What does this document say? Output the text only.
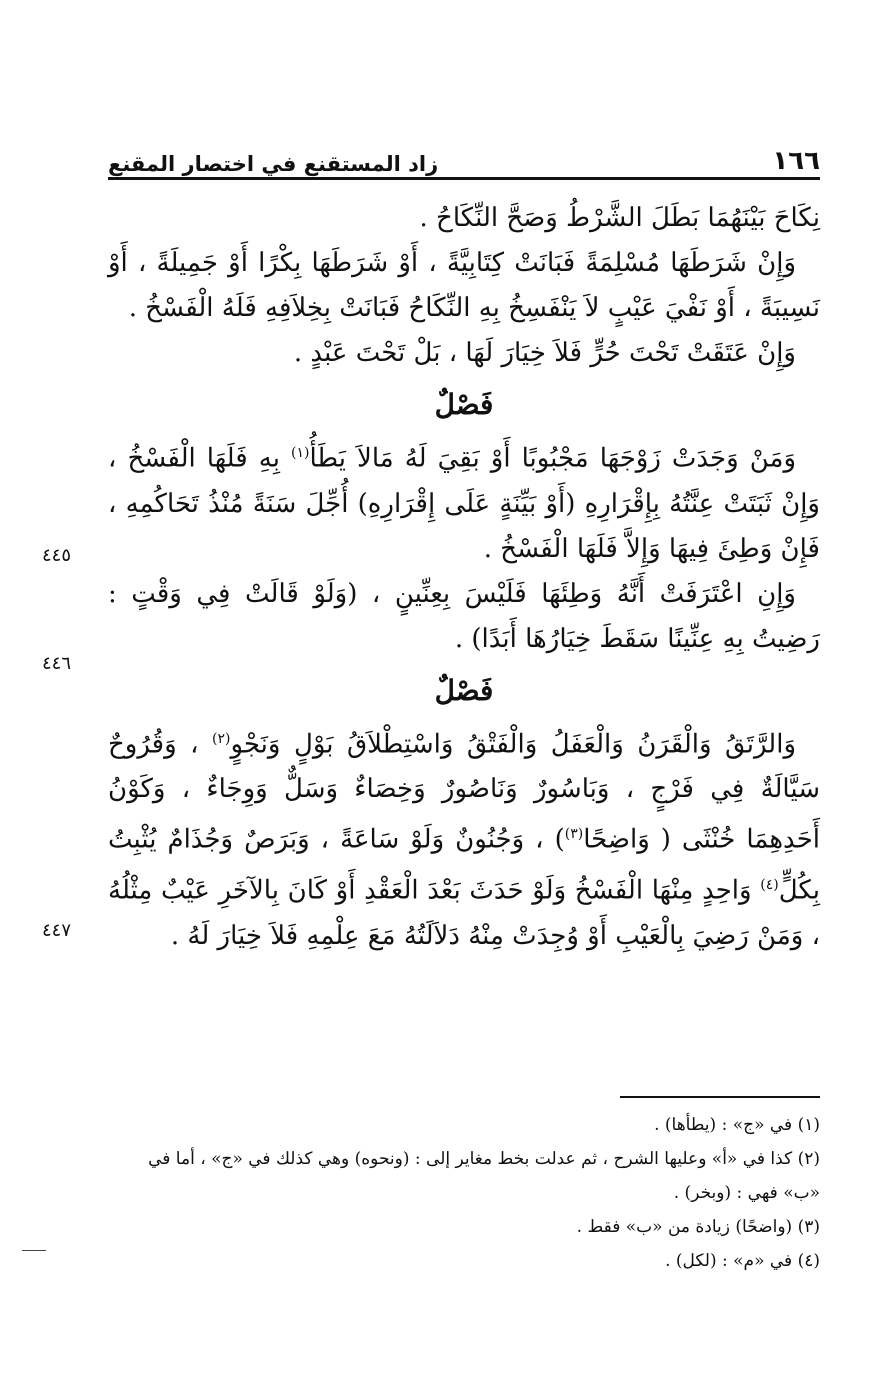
١٦٦
زاد المستقنع في اختصار المقنع

نِكَاحَ بَيْنَهُمَا بَطَلَ الشَّرْطُ وَصَحَّ النِّكَاحُ .

وَإِنْ شَرَطَهَا مُسْلِمَةً فَبَانَتْ كِتَابِيَّةً ، أَوْ شَرَطَهَا بِكْرًا أَوْ جَمِيلَةً ، أَوْ نَسِيبَةً ، أَوْ نَفْيَ عَيْبٍ لاَ يَنْفَسِخُ بِهِ النِّكَاحُ فَبَانَتْ بِخِلاَفِهِ فَلَهُ الْفَسْخُ .

وَإِنْ عَتَقَتْ تَحْتَ حُرٍّ فَلاَ خِيَارَ لَهَا ، بَلْ تَحْتَ عَبْدٍ .

فَصْلٌ

وَمَنْ وَجَدَتْ زَوْجَهَا مَجْبُوبًا أَوْ بَقِيَ لَهُ مَالاَ يَطَأُ$^{(١)}$ بِهِ فَلَهَا الْفَسْخُ ، وَإِنْ ثَبَتَتْ عِنَّتُهُ بِإِقْرَارِهِ (أَوْ بَيِّنَةٍ عَلَى إِقْرَارِهِ) أُجِّلَ سَنَةً مُنْذُ تَحَاكُمِهِ ، فَإِنْ وَطِئَ فِيهَا وَإِلاَّ فَلَهَا الْفَسْخُ .

وَإِنِ اعْتَرَفَتْ أَنَّهُ وَطِئَهَا فَلَيْسَ بِعِنِّينٍ ، (وَلَوْ قَالَتْ فِي وَقْتٍ : رَضِيتُ بِهِ عِنِّينًا سَقَطَ خِيَارُهَا أَبَدًا) .

فَصْلٌ

وَالرَّتَقُ وَالْقَرَنُ وَالْعَفَلُ وَالْفَتْقُ وَاسْتِطْلاَقُ بَوْلٍ وَنَجْوٍ$^{(٢)}$ ، وَقُرُوحٌ سَيَّالَةٌ فِي فَرْجٍ ، وَبَاسُورٌ وَنَاصُورٌ وَخِصَاءٌ وَسَلٌّ وَوِجَاءٌ ، وَكَوْنُ أَحَدِهِمَا خُنْثَى ( وَاضِحًا$^{(٣)}$) ، وَجُنُونٌ وَلَوْ سَاعَةً ، وَبَرَصٌ وَجُذَامٌ يُثْبِتُ بِكُلٍّ$^{(٤)}$ وَاحِدٍ مِنْهَا الْفَسْخُ وَلَوْ حَدَثَ بَعْدَ الْعَقْدِ أَوْ كَانَ بِالآخَرِ عَيْبٌ مِثْلُهُ ، وَمَنْ رَضِيَ بِالْعَيْبِ أَوْ وُجِدَتْ مِنْهُ دَلاَلَتُهُ مَعَ عِلْمِهِ فَلاَ خِيَارَ لَهُ .

٤٤٥
٤٤٦
٤٤٧
(١) في «ج» : (يطأها) .
(٢) كذا في «أ» وعليها الشرح ، ثم عدلت بخط مغاير إلى : (ونحوه) وهي كذلك في «ج» ، أما في «ب» فهي : (وبخر) .
(٣) (واضحًا) زيادة من «ب» فقط .
(٤) في «م» : (لكل) .
